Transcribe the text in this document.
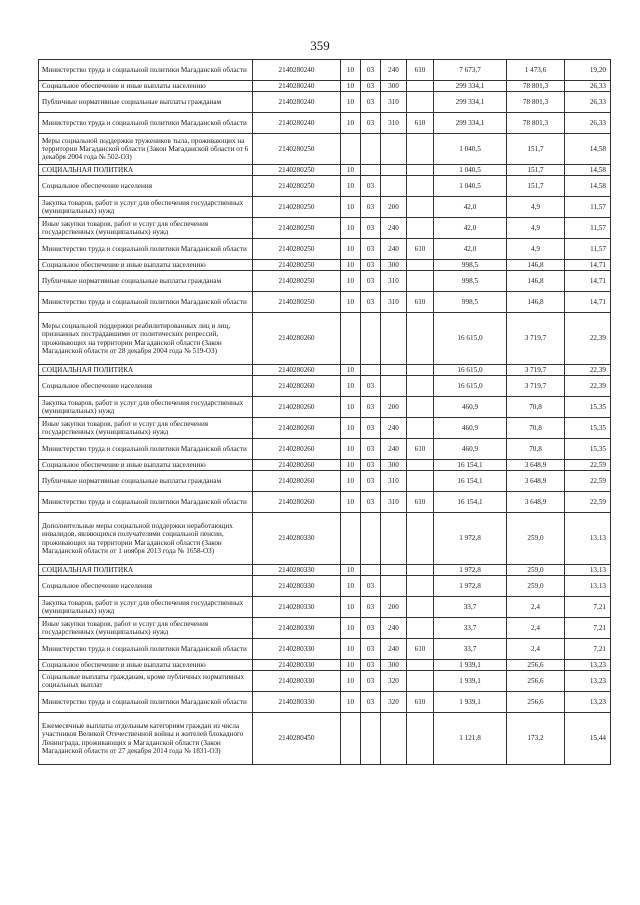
359
Министерство труда и социальной политики Магаданской области	2140280240	10	03	240	610	7 673,7	1 473,6	19,20
Социальное обеспечение и иные выплаты населению	2140280240	10	03	300		299 334,1	78 801,3	26,33
Публичные нормативные социальные выплаты гражданам	2140280240	10	03	310		299 334,1	78 801,3	26,33
Министерство труда и социальной политики Магаданской области	2140280240	10	03	310	610	299 334,1	78 801,3	26,33
Меры социальной поддержки тружеников тыла, проживающих на территории Магаданской области (Закон Магаданской области от 6 декабря 2004 года № 502-ОЗ)	2140280250					1 040,5	151,7	14,58
СОЦИАЛЬНАЯ ПОЛИТИКА	2140280250	10				1 040,5	151,7	14,58
Социальное обеспечение населения	2140280250	10	03			1 040,5	151,7	14,58
Закупка товаров, работ и услуг для обеспечения государственных (муниципальных) нужд	2140280250	10	03	200		42,0	4,9	11,57
Иные закупки товаров, работ и услуг для обеспечения государственных (муниципальных) нужд	2140280250	10	03	240		42,0	4,9	11,57
Министерство труда и социальной политики Магаданской области	2140280250	10	03	240	610	42,0	4,9	11,57
Социальное обеспечение и иные выплаты населению	2140280250	10	03	300		998,5	146,8	14,71
Публичные нормативные социальные выплаты гражданам	2140280250	10	03	310		998,5	146,8	14,71
Министерство труда и социальной политики Магаданской области	2140280250	10	03	310	610	998,5	146,8	14,71
Меры социальной поддержки реабилитированных лиц и лиц, признанных пострадавшими от политических репрессий, проживающих на территории Магаданской области (Закон Магаданской области от 28 декабря 2004 года № 519-ОЗ)	2140280260					16 615,0	3 719,7	22,39
СОЦИАЛЬНАЯ ПОЛИТИКА	2140280260	10				16 615,0	3 719,7	22,39
Социальное обеспечение населения	2140280260	10	03			16 615,0	3 719,7	22,39
Закупка товаров, работ и услуг для обеспечения государственных (муниципальных) нужд	2140280260	10	03	200		460,9	70,8	15,35
Иные закупки товаров, работ и услуг для обеспечения государственных (муниципальных) нужд	2140280260	10	03	240		460,9	70,8	15,35
Министерство труда и социальной политики Магаданской области	2140280260	10	03	240	610	460,9	70,8	15,35
Социальное обеспечение и иные выплаты населению	2140280260	10	03	300		16 154,1	3 648,9	22,59
Публичные нормативные социальные выплаты гражданам	2140280260	10	03	310		16 154,1	3 648,9	22,59
Министерство труда и социальной политики Магаданской области	2140280260	10	03	310	610	16 154,1	3 648,9	22,59
Дополнительные меры социальной поддержки неработающих инвалидов, являющихся получателями социальной пенсии, проживающих на территории Магаданской области (Закон Магаданской области от 1 ноября 2013 года № 1658-ОЗ)	2140280330					1 972,8	259,0	13,13
СОЦИАЛЬНАЯ ПОЛИТИКА	2140280330	10				1 972,8	259,0	13,13
Социальное обеспечение населения	2140280330	10	03			1 972,8	259,0	13,13
Закупка товаров, работ и услуг для обеспечения государственных (муниципальных) нужд	2140280330	10	03	200		33,7	2,4	7,21
Иные закупки товаров, работ и услуг для обеспечения государственных (муниципальных) нужд	2140280330	10	03	240		33,7	2,4	7,21
Министерство труда и социальной политики Магаданской области	2140280330	10	03	240	610	33,7	2,4	7,21
Социальное обеспечение и иные выплаты населению	2140280330	10	03	300		1 939,1	256,6	13,23
Социальные выплаты гражданам, кроме публичных нормативных социальных выплат	2140280330	10	03	320		1 939,1	256,6	13,23
Министерство труда и социальной политики Магаданской области	2140280330	10	03	320	610	1 939,1	256,6	13,23
Ежемесячные выплаты отдельным категориям граждан из числа участников Великой Отечественной войны и жителей блокадного Ленинграда, проживающих в Магаданской области (Закон Магаданской области от 27 декабря 2014 года № 1831-ОЗ)	2140280450					1 121,8	173,2	15,44
